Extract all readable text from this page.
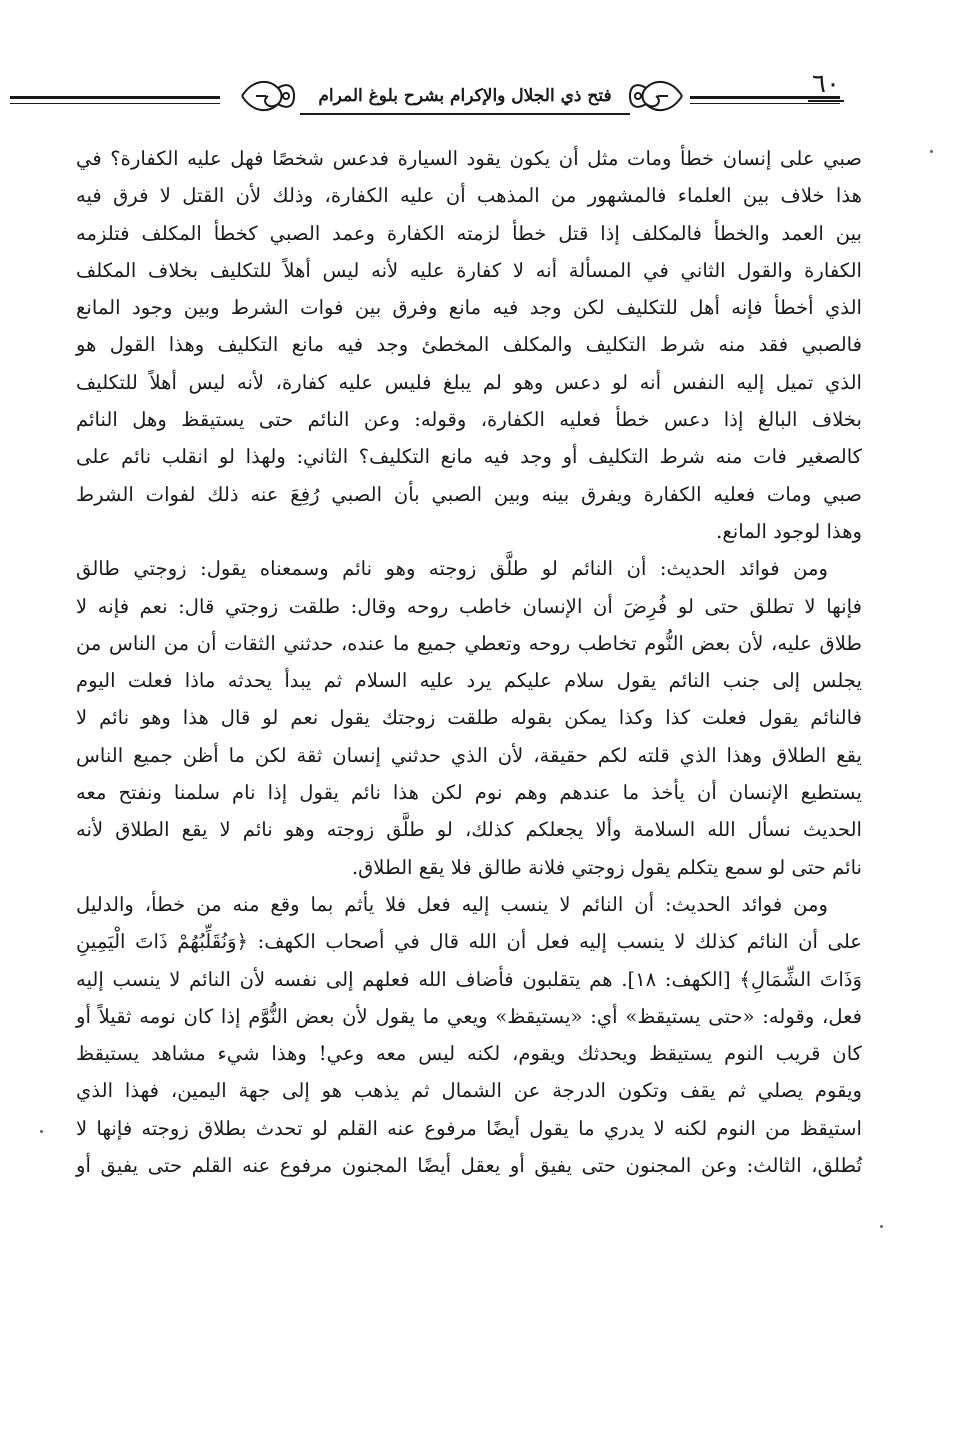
فتح ذي الجلال والإكرام بشرح بلوغ المرام	٦٠

صبي على إنسان خطأ ومات مثل أن يكون يقود السيارة فدعس شخصًا فهل عليه الكفارة؟ في
هذا خلاف بين العلماء فالمشهور من المذهب أن عليه الكفارة، وذلك لأن القتل لا فرق فيه
بين العمد والخطأ فالمكلف إذا قتل خطأ لزمته الكفارة وعمد الصبي كخطأ المكلف فتلزمه
الكفارة والقول الثاني في المسألة أنه لا كفارة عليه لأنه ليس أهلاً للتكليف بخلاف المكلف
الذي أخطأ فإنه أهل للتكليف لكن وجد فيه مانع وفرق بين فوات الشرط وبين وجود المانع
فالصبي فقد منه شرط التكليف والمكلف المخطئ وجد فيه مانع التكليف وهذا القول هو
الذي تميل إليه النفس أنه لو دعس وهو لم يبلغ فليس عليه كفارة، لأنه ليس أهلاً للتكليف
بخلاف البالغ إذا دعس خطأ فعليه الكفارة، وقوله: وعن النائم حتى يستيقظ وهل النائم
كالصغير فات منه شرط التكليف أو وجد فيه مانع التكليف؟ الثاني: ولهذا لو انقلب نائم على
صبي ومات فعليه الكفارة ويفرق بينه وبين الصبي بأن الصبي رُفِعَ عنه ذلك لفوات الشرط
وهذا لوجود المانع.

ومن فوائد الحديث: أن النائم لو طلَّق زوجته وهو نائم وسمعناه يقول: زوجتي طالق
فإنها لا تطلق حتى لو فُرِضَ أن الإنسان خاطب روحه وقال: طلقت زوجتي قال: نعم فإنه لا
طلاق عليه، لأن بعض النُّوم تخاطب روحه وتعطي جميع ما عنده، حدثني الثقات أن من الناس من
يجلس إلى جنب النائم يقول سلام عليكم يرد عليه السلام ثم يبدأ يحدثه ماذا فعلت اليوم
فالنائم يقول فعلت كذا وكذا يمكن بقوله طلقت زوجتك يقول نعم لو قال هذا وهو نائم لا
يقع الطلاق وهذا الذي قلته لكم حقيقة، لأن الذي حدثني إنسان ثقة لكن ما أظن جميع الناس
يستطيع الإنسان أن يأخذ ما عندهم وهم نوم لكن هذا نائم يقول إذا نام سلمنا ونفتح معه
الحديث نسأل الله السلامة وألا يجعلكم كذلك، لو طلَّق زوجته وهو نائم لا يقع الطلاق لأنه
نائم حتى لو سمع يتكلم يقول زوجتي فلانة طالق فلا يقع الطلاق.

ومن فوائد الحديث: أن النائم لا ينسب إليه فعل فلا يأثم بما وقع منه من خطأ، والدليل
على أن النائم كذلك لا ينسب إليه فعل أن الله قال في أصحاب الكهف: ﴿وَنُقَلِّبُهُمْ ذَاتَ الْيَمِينِ
وَذَاتَ الشِّمَالِ﴾ [الكهف: ١٨]. هم يتقلبون فأضاف الله فعلهم إلى نفسه لأن النائم لا ينسب إليه
فعل، وقوله: «حتى يستيقظ» أي: «يستيقظ» ويعي ما يقول لأن بعض النُّوَّم إذا كان نومه ثقيلاً أو
كان قريب النوم يستيقظ ويحدثك ويقوم، لكنه ليس معه وعي! وهذا شيء مشاهد يستيقظ
ويقوم يصلي ثم يقف وتكون الدرجة عن الشمال ثم يذهب هو إلى جهة اليمين، فهذا الذي
استيقظ من النوم لكنه لا يدري ما يقول أيضًا مرفوع عنه القلم لو تحدث بطلاق زوجته فإنها لا
تُطلق، الثالث: وعن المجنون حتى يفيق أو يعقل أيضًا المجنون مرفوع عنه القلم حتى يفيق أو
